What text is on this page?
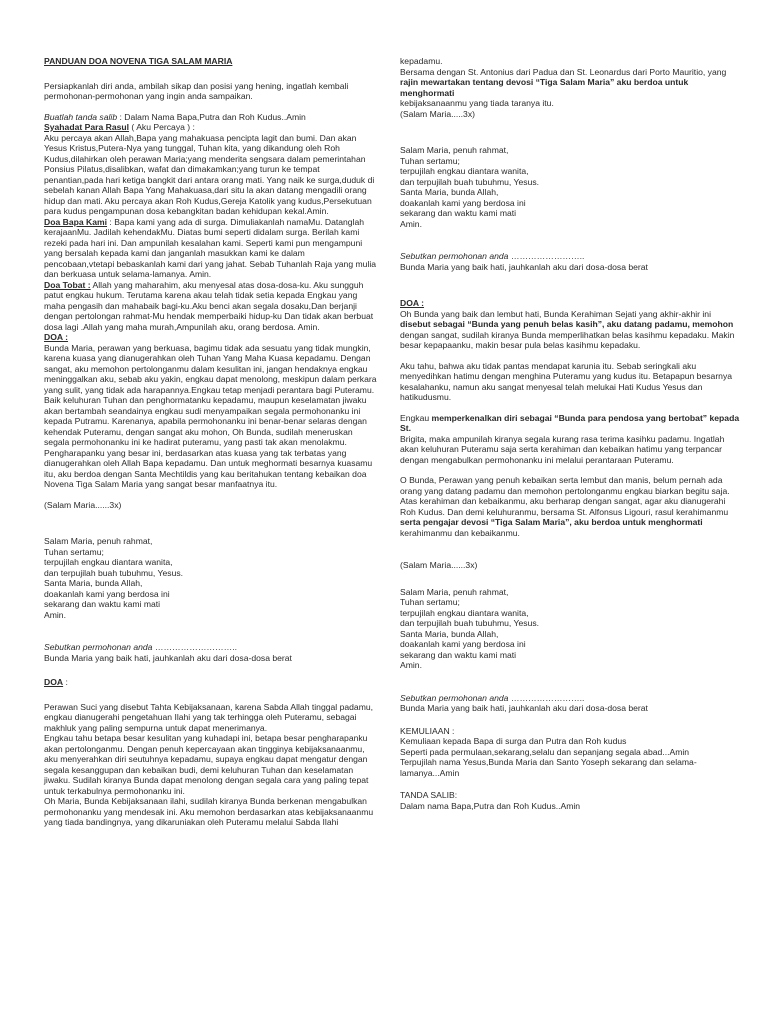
PANDUAN DOA NOVENA TIGA SALAM MARIA

Persiapkanlah diri anda, ambilah sikap dan posisi yang hening, ingatlah kembali permohonan-permohonan yang ingin anda sampaikan.

Buatlah tanda salib : Dalam Nama Bapa,Putra dan Roh Kudus..Amin

Syahadat Para Rasul ( Aku Percaya ) :

Aku percaya akan Allah,Bapa yang mahakuasa pencipta lagit dan bumi. Dan akan Yesus Kristus,Putera-Nya yang tunggal, Tuhan kita, yang dikandung oleh Roh Kudus,dilahirkan oleh perawan Maria;yang menderita sengsara dalam pemerintahan Ponsius Pilatus,disalibkan, wafat dan dimakamkan;yang turun ke tempat penantian,pada hari ketiga bangkit dari antara orang mati. Yang naik ke surga,duduk di sebelah kanan Allah Bapa Yang Mahakuasa,dari situ la akan datang mengadili orang hidup dan mati. Aku percaya akan Roh Kudus,Gereja Katolik yang kudus,Persekutuan para kudus pengampunan dosa kebangkitan badan kehidupan kekal.Amin.

Doa Bapa Kami : Bapa kami yang ada di surga. Dimuliakanlah namaMu. Datanglah kerajaanMu. Jadilah kehendakMu. Diatas bumi seperti didalam surga. Berilah kami rezeki pada hari ini. Dan ampunilah kesalahan kami. Seperti kami pun mengampuni yang bersalah kepada kami dan janganlah masukkan kami ke dalam pencobaan,vtetapi bebaskanlah kami dari yang jahat. Sebab Tuhanlah Raja yang mulia dan berkuasa untuk selama-lamanya. Amin.

Doa Tobat : Allah yang maharahim, aku menyesal atas dosa-dosa-ku. Aku sungguh patut engkau hukum. Terutama karena akau telah tidak setia kepada Engkau yang maha pengasih dan mahabaik bagi-ku.Aku benci akan segala dosaku,Dan berjanji dengan pertolongan rahmat-Mu hendak memperbaiki hidup-ku Dan tidak akan berbuat dosa lagi .Allah yang maha murah,Ampunilah aku, orang berdosa. Amin.

DOA :

Bunda Maria, perawan yang berkuasa, bagimu tidak ada sesuatu yang tidak mungkin, karena kuasa yang dianugerahkan oleh Tuhan Yang Maha Kuasa kepadamu. Dengan sangat, aku memohon pertolonganmu dalam kesulitan ini, jangan hendaknya engkau meninggalkan aku, sebab aku yakin, engkau dapat menolong, meskipun dalam perkara yang sulit, yang tidak ada harapannya.Engkau tetap menjadi perantara bagi Puteramu.

Baik keluhuran Tuhan dan penghormatanku kepadamu, maupun keselamatan jiwaku akan bertambah seandainya engkau sudi menyampaikan segala permohonanku ini kepada Putramu. Karenanya, apabila permohonanku ini benar-benar selaras dengan kehendak Puteramu, dengan sangat aku mohon, Oh Bunda, sudilah meneruskan segala permohonanku ini ke hadirat puteramu, yang pasti tak akan menolakmu. Pengharapanku yang besar ini, berdasarkan atas kuasa yang tak terbatas yang dianugerahkan oleh Allah Bapa kepadamu. Dan untuk meghormati besarnya kuasamu itu, aku berdoa dengan Santa Mechtildis yang kau beritahukan tentang kebaikan doa Novena Tiga Salam Maria yang sangat besar manfaatnya itu.

(Salam Maria......3x)

Salam Maria, penuh rahmat,

Tuhan sertamu;

terpujilah engkau diantara wanita,

dan terpujilah buah tubuhmu, Yesus.

Santa Maria, bunda Allah,

doakanlah kami yang berdosa ini

sekarang dan waktu kami mati

Amin.

Sebutkan permohonan anda ………………………..

Bunda Maria yang baik hati, jauhkanlah aku dari dosa-dosa berat

DOA :

Perawan Suci yang disebut Tahta Kebijaksanaan, karena Sabda Allah tinggal padamu, engkau dianugerahi pengetahuan Ilahi yang tak terhingga oleh Puteramu, sebagai makhluk yang paling sempurna untuk dapat menerimanya.

Engkau tahu betapa besar kesulitan yang kuhadapi ini, betapa besar pengharapanku akan pertolonganmu. Dengan penuh kepercayaan akan tingginya kebijaksanaanmu, aku menyerahkan diri seutuhnya kepadamu, supaya engkau dapat mengatur dengan segala kesanggupan dan kebaikan budi, demi keluhuran Tuhan dan keselamatan jiwaku. Sudilah kiranya Bunda dapat menolong dengan segala cara yang paling tepat untuk terkabulnya permohonanku ini.

Oh Maria, Bunda Kebijaksanaan ilahi, sudilah kiranya Bunda berkenan mengabulkan permohonanku yang mendesak ini. Aku memohon berdasarkan atas kebijaksanaanmu yang tiada bandingnya, yang dikaruniakan oleh Puteramu melalui Sabda Ilahi

kepadamu.

Bersama dengan St. Antonius dari Padua dan St. Leonardus dari Porto Mauritio, yang

rajin mewartakan tentang devosi “Tiga Salam Maria” aku berdoa untuk menghormati

kebijaksanaanmu yang tiada taranya itu.

(Salam Maria.....3x)

Salam Maria, penuh rahmat,

Tuhan sertamu;

terpujilah engkau diantara wanita,

dan terpujilah buah tubuhmu, Yesus.

Santa Maria, bunda Allah,

doakanlah kami yang berdosa ini

sekarang dan waktu kami mati

Amin.

Sebutkan permohonan anda ……………………..

Bunda Maria yang baik hati, jauhkanlah aku dari dosa-dosa berat

DOA :

Oh Bunda yang baik dan lembut hati, Bunda Kerahiman Sejati yang akhir-akhir ini

disebut sebagai “Bunda yang penuh belas kasih”, aku datang padamu, memohon

dengan sangat, sudilah kiranya Bunda memperlihatkan belas kasihmu kepadaku. Makin besar kepapaanku, makin besar pula belas kasihmu kepadaku.

Aku tahu, bahwa aku tidak pantas mendapat karunia itu. Sebab seringkali aku menyedihkan hatimu dengan menghina Puteramu yang kudus itu. Betapapun besarnya kesalahanku, namun aku sangat menyesal telah melukai Hati Kudus Yesus dan hatikudusmu.

Engkau memperkenalkan diri sebagai “Bunda para pendosa yang bertobat” kepada St.

Brigita, maka ampunilah kiranya segala kurang rasa terima kasihku padamu. Ingatlah akan keluhuran Puteramu saja serta kerahiman dan kebaikan hatimu yang terpancar dengan mengabulkan permohonanku ini melalui perantaraan Puteramu.

O Bunda, Perawan yang penuh kebaikan serta lembut dan manis, belum pernah ada orang yang datang padamu dan memohon pertolonganmu engkau biarkan begitu saja. Atas kerahiman dan kebaikanmu, aku berharap dengan sangat, agar aku dianugerahi Roh Kudus. Dan demi keluhuranmu, bersama St. Alfonsus Ligouri, rasul kerahimanmu

serta pengajar devosi “Tiga Salam Maria”, aku berdoa untuk menghormati

kerahimanmu dan kebaikanmu.

(Salam Maria......3x)

Salam Maria, penuh rahmat,

Tuhan sertamu;

terpujilah engkau diantara wanita,

dan terpujilah buah tubuhmu, Yesus.

Santa Maria, bunda Allah,

doakanlah kami yang berdosa ini

sekarang dan waktu kami mati

Amin.

Sebutkan permohonan anda ……………………..

Bunda Maria yang baik hati, jauhkanlah aku dari dosa-dosa berat

KEMULIAAN :

Kemuliaan kepada Bapa di surga dan Putra dan Roh kudus

Seperti pada permulaan,sekarang,selalu dan sepanjang segala abad...Amin

Terpujilah nama Yesus,Bunda Maria dan Santo Yoseph sekarang dan selama-lamanya...Amin

TANDA SALIB:

Dalam nama Bapa,Putra dan Roh Kudus..Amin
